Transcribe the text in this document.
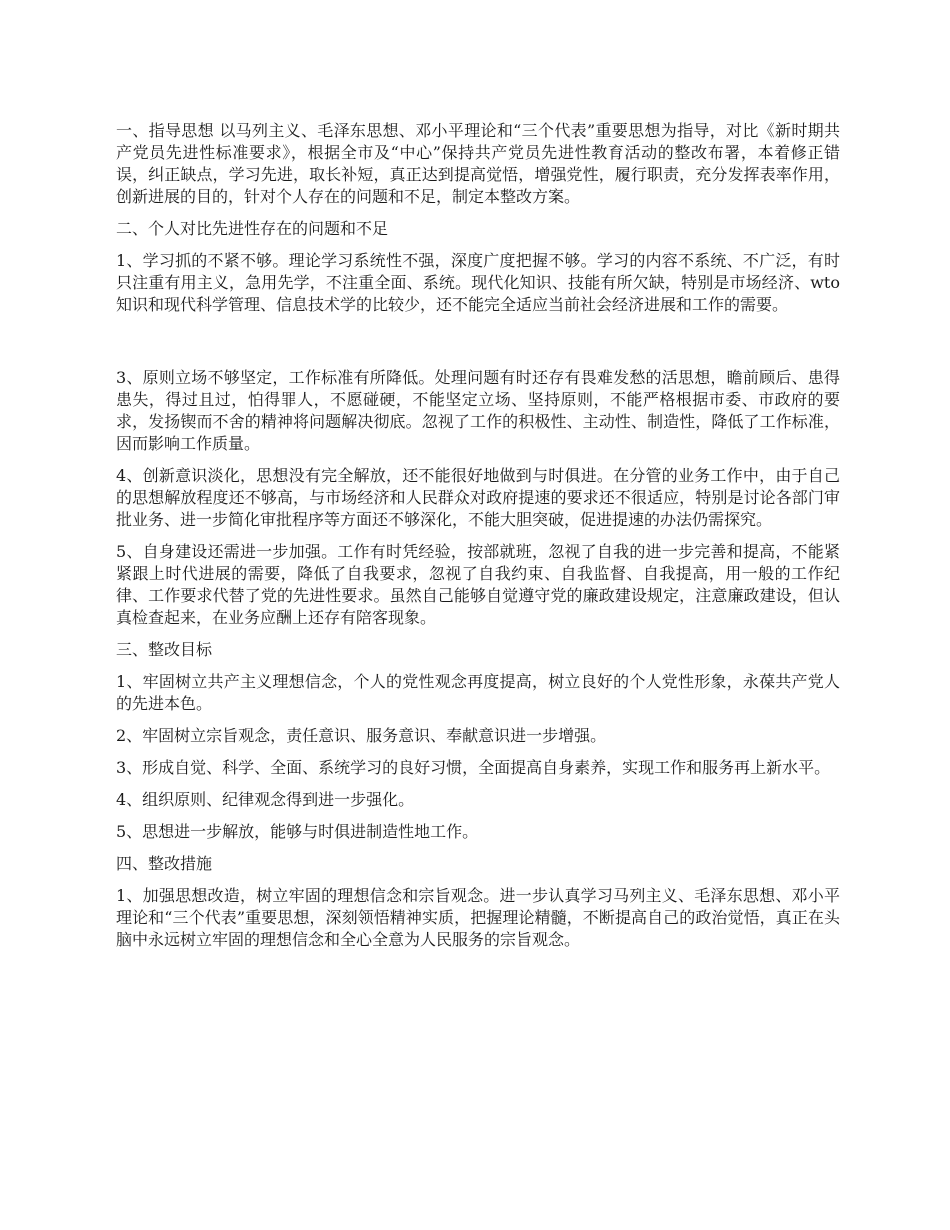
一、指导思想 以马列主义、毛泽东思想、邓小平理论和“三个代表”重要思想为指导，对比《新时期共产党员先进性标准要求》，根据全市及“中心”保持共产党员先进性教育活动的整改布署，本着修正错误，纠正缺点，学习先进，取长补短，真正达到提高觉悟，增强党性，履行职责，充分发挥表率作用，创新进展的目的，针对个人存在的问题和不足，制定本整改方案。

二、个人对比先进性存在的问题和不足

1、学习抓的不紧不够。理论学习系统性不强，深度广度把握不够。学习的内容不系统、不广泛，有时只注重有用主义，急用先学，不注重全面、系统。现代化知识、技能有所欠缺，特别是市场经济、wto知识和现代科学管理、信息技术学的比较少，还不能完全适应当前社会经济进展和工作的需要。

3、原则立场不够坚定，工作标准有所降低。处理问题有时还存有畏难发愁的活思想，瞻前顾后、患得患失，得过且过，怕得罪人，不愿碰硬，不能坚定立场、坚持原则，不能严格根据市委、市政府的要求，发扬锲而不舍的精神将问题解决彻底。忽视了工作的积极性、主动性、制造性，降低了工作标准，因而影响工作质量。

4、创新意识淡化，思想没有完全解放，还不能很好地做到与时俱进。在分管的业务工作中，由于自己的思想解放程度还不够高，与市场经济和人民群众对政府提速的要求还不很适应，特别是讨论各部门审批业务、进一步简化审批程序等方面还不够深化，不能大胆突破，促进提速的办法仍需探究。

5、自身建设还需进一步加强。工作有时凭经验，按部就班，忽视了自我的进一步完善和提高，不能紧紧跟上时代进展的需要，降低了自我要求，忽视了自我约束、自我监督、自我提高，用一般的工作纪律、工作要求代替了党的先进性要求。虽然自己能够自觉遵守党的廉政建设规定，注意廉政建设，但认真检查起来，在业务应酬上还存有陪客现象。

三、整改目标

1、牢固树立共产主义理想信念，个人的党性观念再度提高，树立良好的个人党性形象，永葆共产党人的先进本色。

2、牢固树立宗旨观念，责任意识、服务意识、奉献意识进一步增强。

3、形成自觉、科学、全面、系统学习的良好习惯，全面提高自身素养，实现工作和服务再上新水平。

4、组织原则、纪律观念得到进一步强化。

5、思想进一步解放，能够与时俱进制造性地工作。

四、整改措施

1、加强思想改造，树立牢固的理想信念和宗旨观念。进一步认真学习马列主义、毛泽东思想、邓小平理论和“三个代表”重要思想，深刻领悟精神实质，把握理论精髓，不断提高自己的政治觉悟，真正在头脑中永远树立牢固的理想信念和全心全意为人民服务的宗旨观念。
